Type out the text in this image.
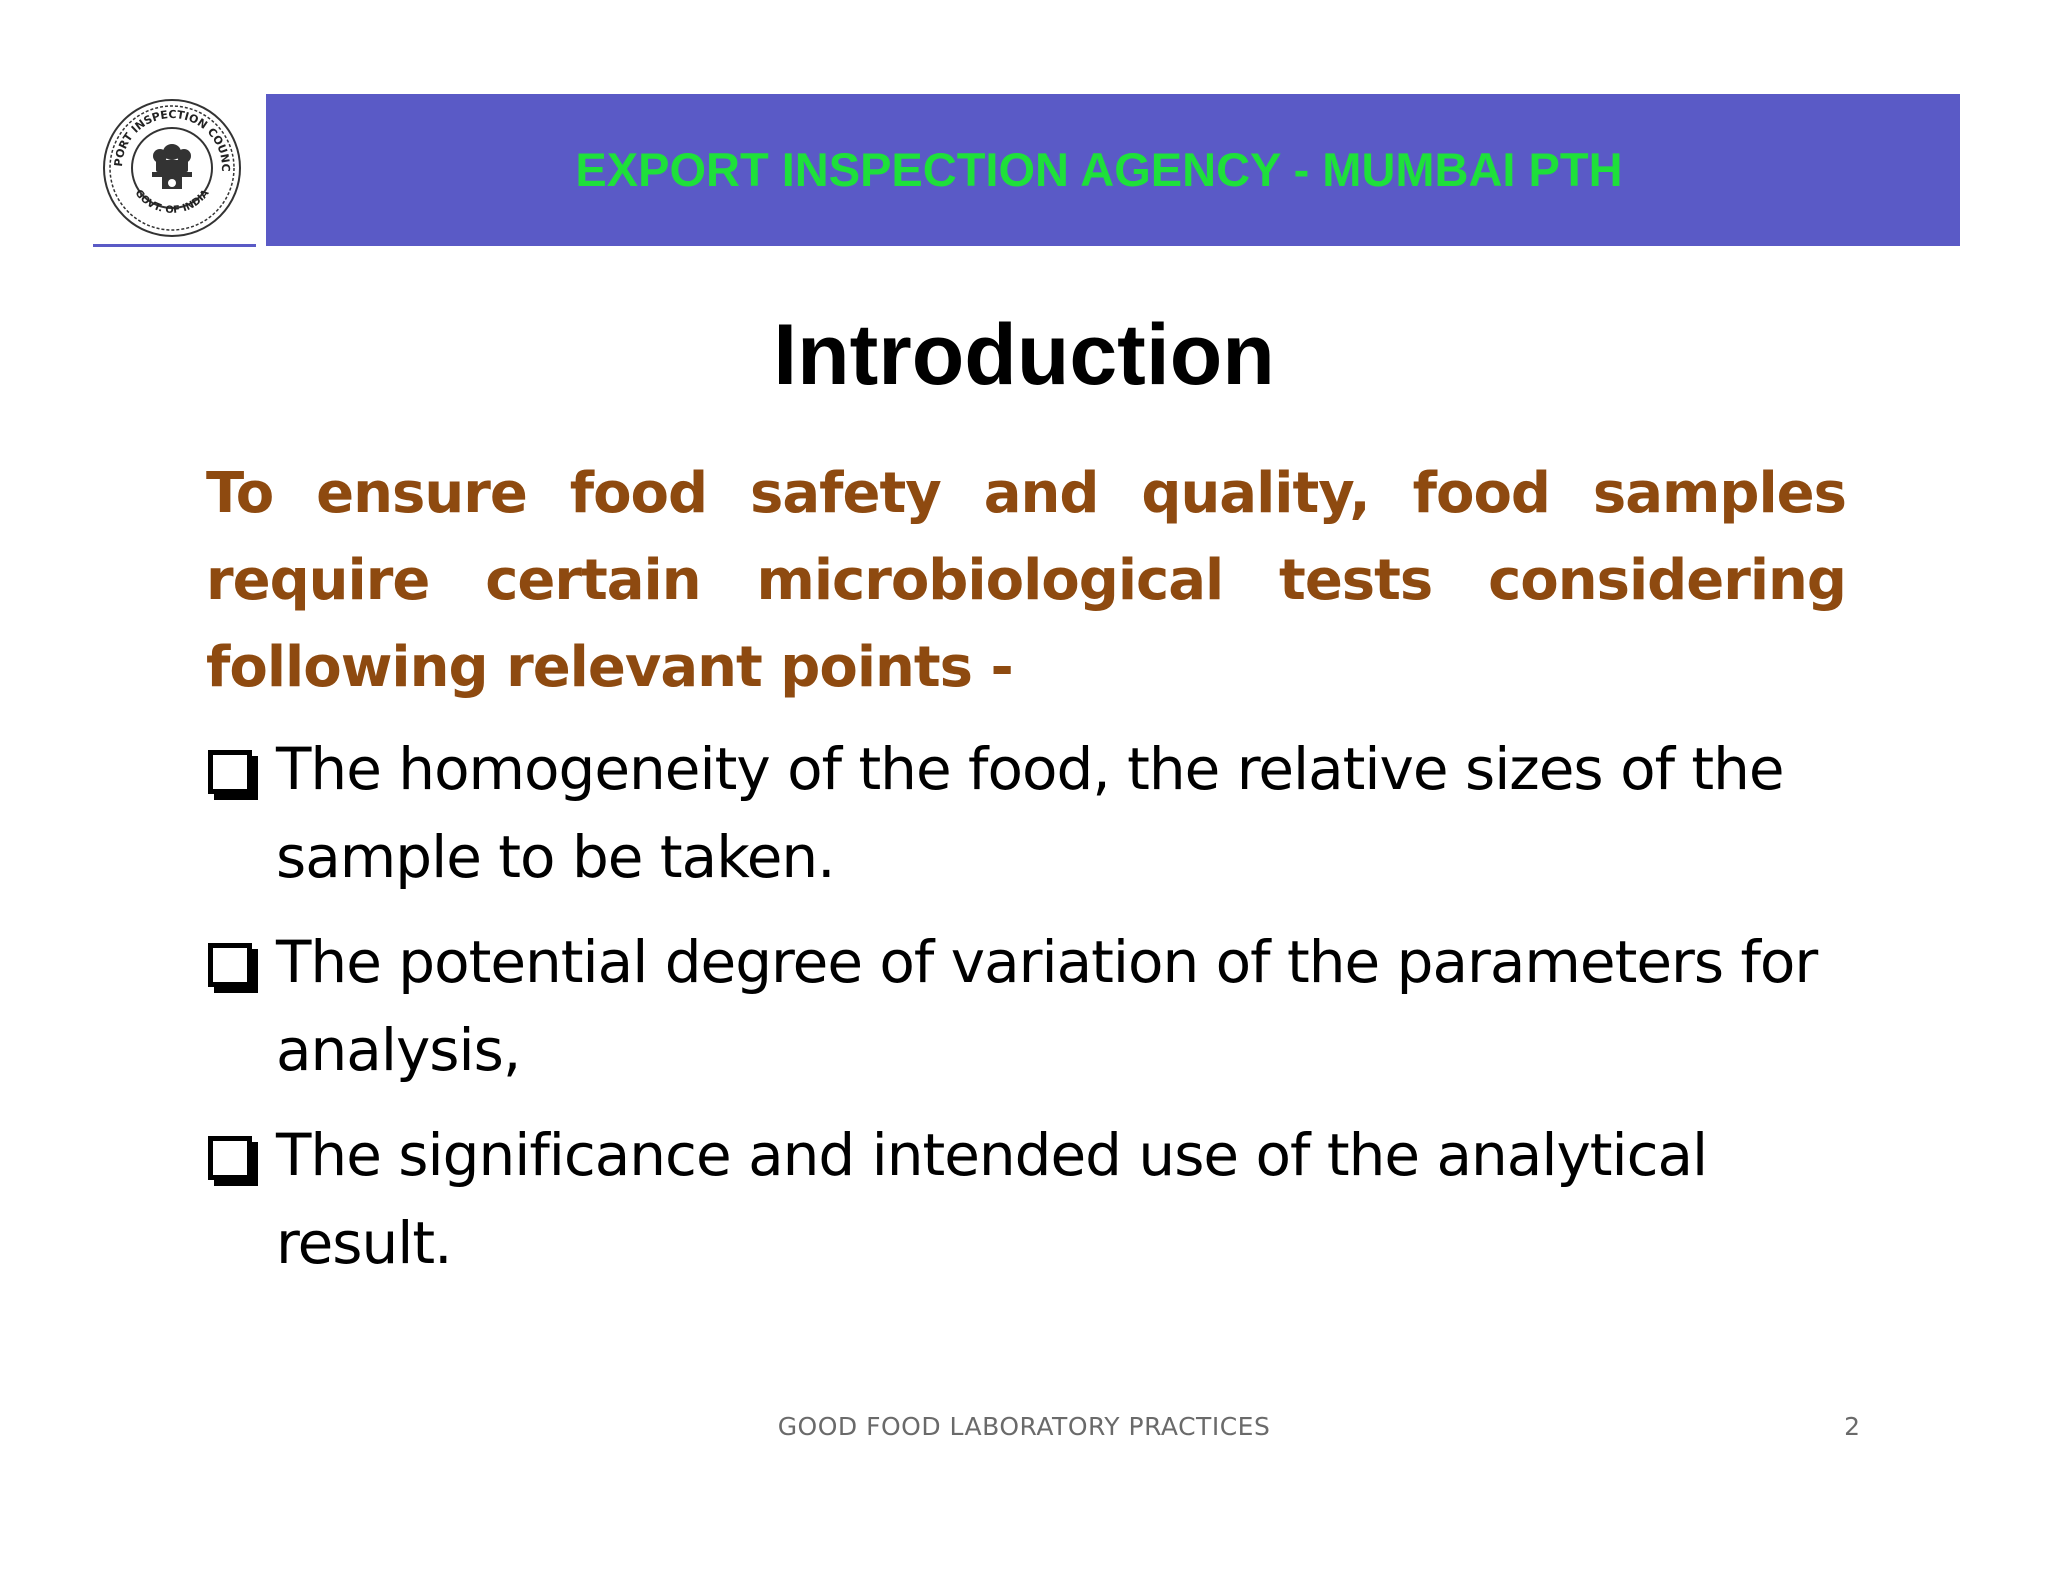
PORT INSPECTION COUNC
GOVT. OF INDIA	EXPORT INSPECTION AGENCY - MUMBAI PTH
Introduction
To ensure food safety and quality, food samples require certain microbiological tests considering following relevant points -
The homogeneity of the food, the relative sizes of the sample to be taken.
The potential degree of variation of the parameters for analysis,
The significance and intended use of the analytical result.
GOOD FOOD LABORATORY PRACTICES	2
